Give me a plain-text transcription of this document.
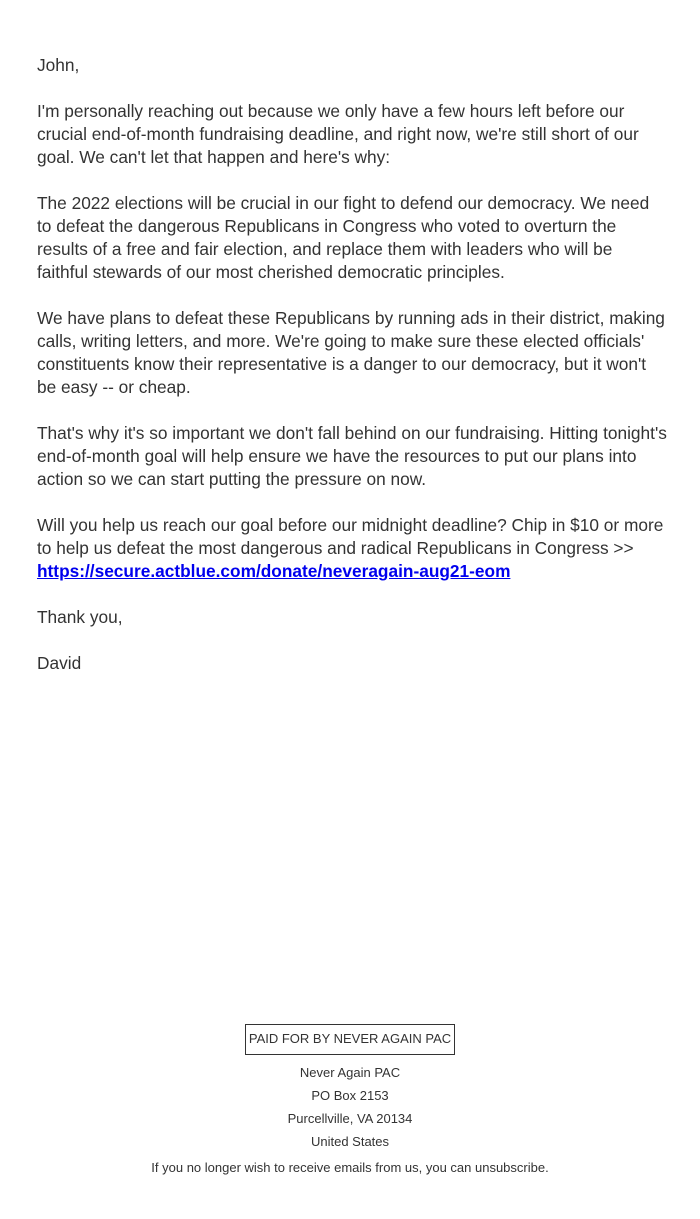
John,

I'm personally reaching out because we only have a few hours left before our crucial end-of-month fundraising deadline, and right now, we're still short of our goal. We can't let that happen and here's why:

The 2022 elections will be crucial in our fight to defend our democracy. We need to defeat the dangerous Republicans in Congress who voted to overturn the results of a free and fair election, and replace them with leaders who will be faithful stewards of our most cherished democratic principles.

We have plans to defeat these Republicans by running ads in their district, making calls, writing letters, and more. We're going to make sure these elected officials' constituents know their representative is a danger to our democracy, but it won't be easy -- or cheap.

That's why it's so important we don't fall behind on our fundraising. Hitting tonight's end-of-month goal will help ensure we have the resources to put our plans into action so we can start putting the pressure on now.

Will you help us reach our goal before our midnight deadline? Chip in $10 or more to help us defeat the most dangerous and radical Republicans in Congress >> https://secure.actblue.com/donate/neveragain-aug21-eom

Thank you,

David

PAID FOR BY NEVER AGAIN PAC
Never Again PAC
PO Box 2153
Purcellville, VA 20134
United States
If you no longer wish to receive emails from us, you can unsubscribe.
